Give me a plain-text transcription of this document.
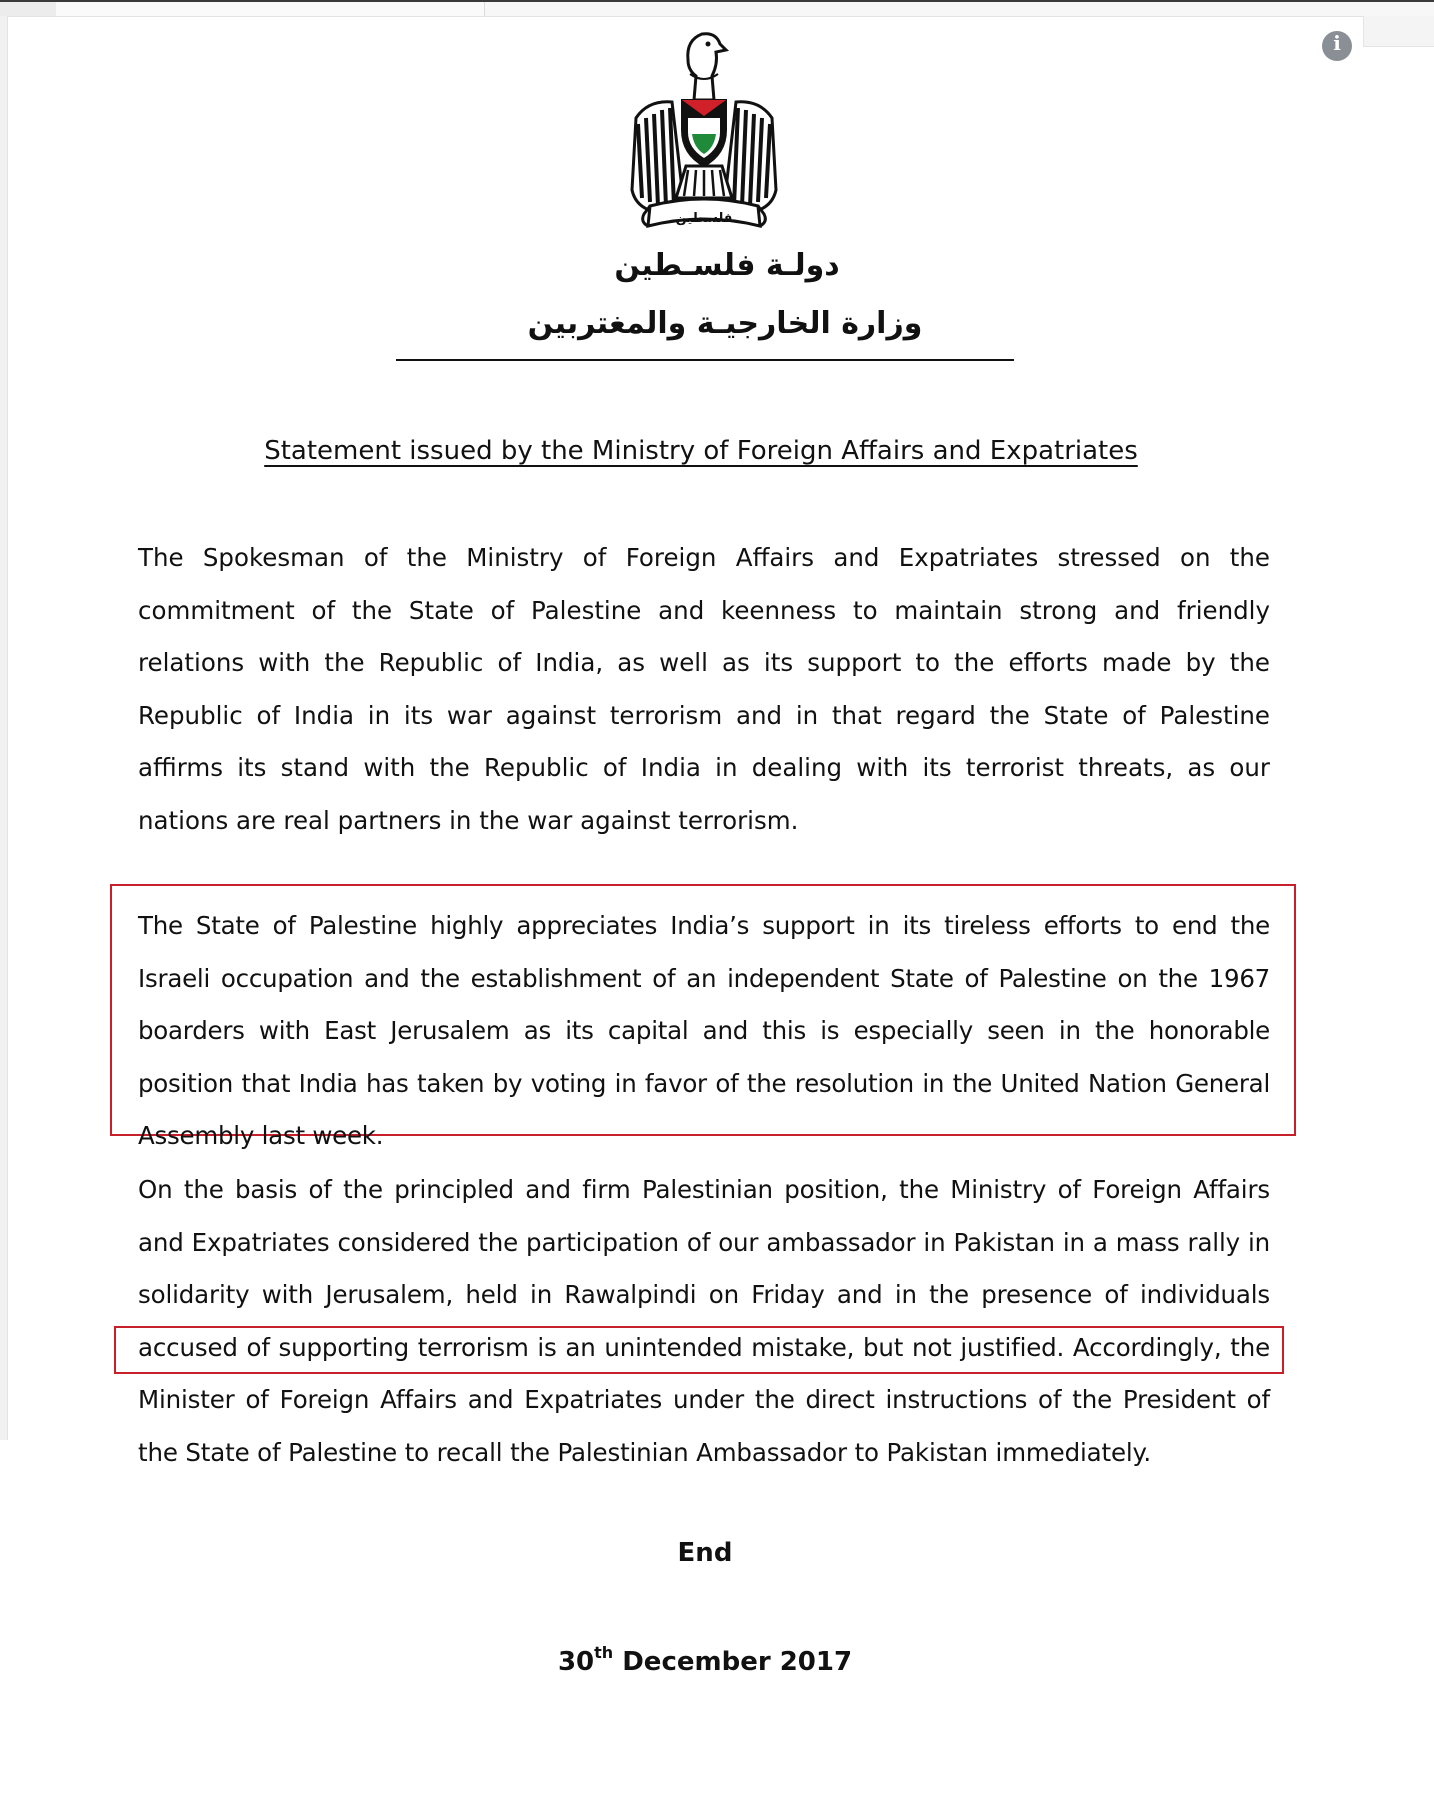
i
فلسطين
دولـة فلسـطين
وزارة الخارجيـة والمغتربين
Statement issued by the Ministry of Foreign Affairs and Expatriates

The Spokesman of the Ministry of Foreign Affairs and Expatriates stressed on the commitment of the State of Palestine and keenness to maintain strong and friendly relations with the Republic of India, as well as its support to the efforts made by the Republic of India in its war against terrorism and in that regard the State of Palestine affirms its stand with the Republic of India in dealing with its terrorist threats, as our nations are real partners in the war against terrorism.

The State of Palestine highly appreciates India’s support in its tireless efforts to end the Israeli occupation and the establishment of an independent State of Palestine on the 1967 boarders with East Jerusalem as its capital and this is especially seen in the honorable position that India has taken by voting in favor of the resolution in the United Nation General Assembly last week.

On the basis of the principled and firm Palestinian position, the Ministry of Foreign Affairs and Expatriates considered the participation of our ambassador in Pakistan in a mass rally in solidarity with Jerusalem, held in Rawalpindi on Friday and in the presence of individuals accused of supporting terrorism is an unintended mistake, but not justified. Accordingly, the Minister of Foreign Affairs and Expatriates under the direct instructions of the President of the State of Palestine to recall the Palestinian Ambassador to Pakistan immediately.

End
30th December 2017
